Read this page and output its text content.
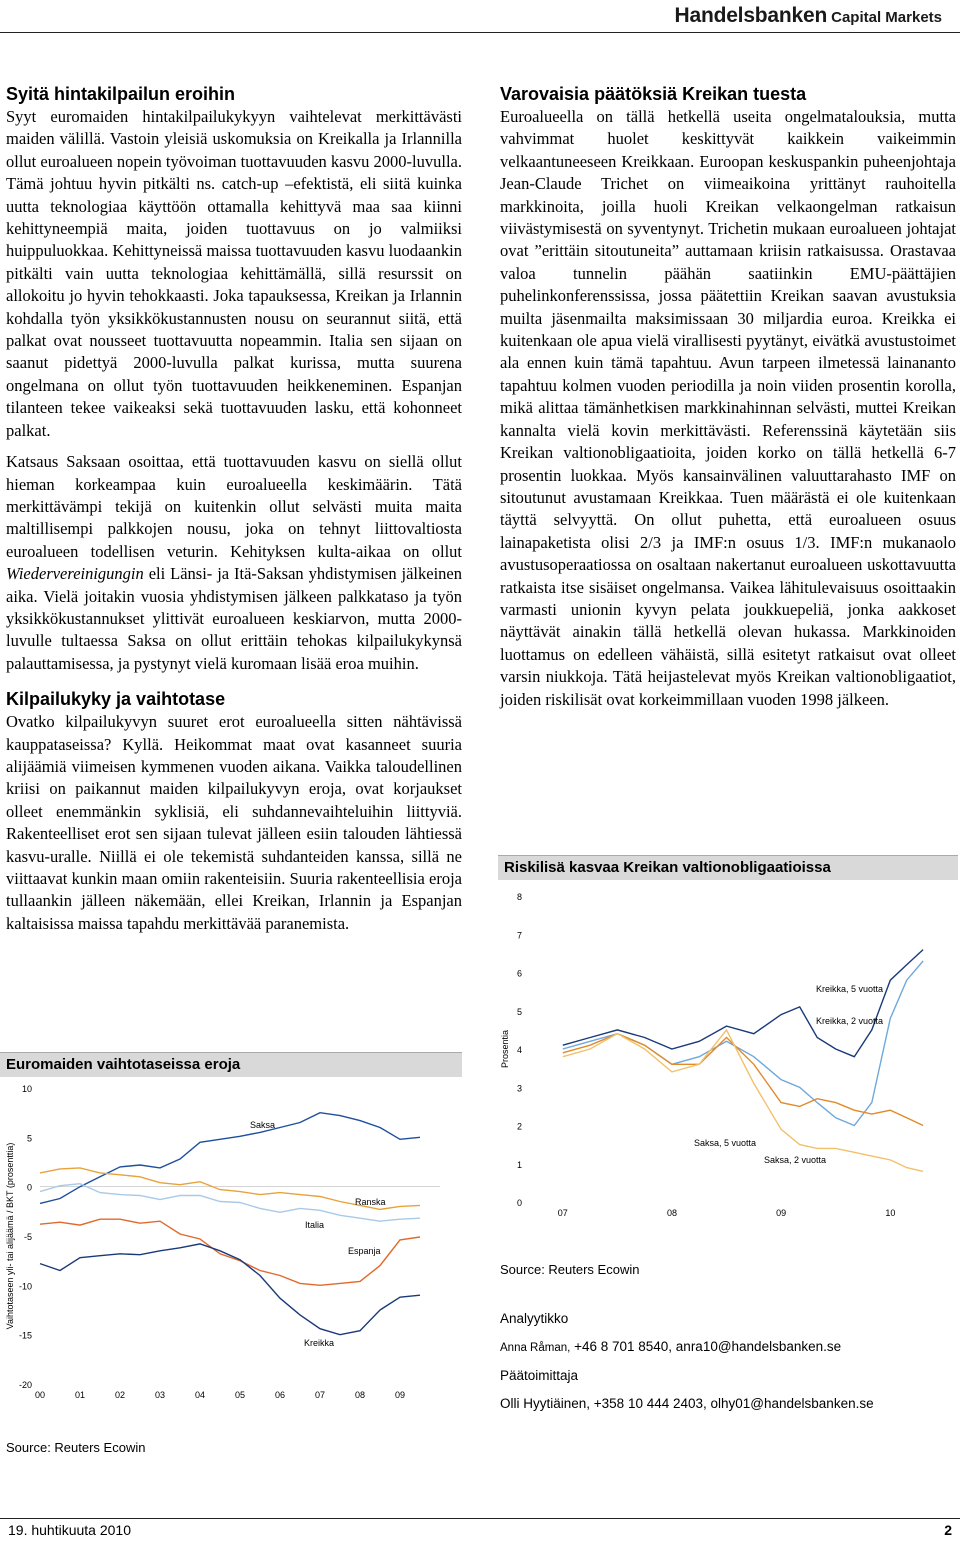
Handelsbanken Capital Markets
Syitä hintakilpailun eroihin

Syyt euromaiden hintakilpailukykyyn vaihtelevat merkittävästi maiden välillä. Vastoin yleisiä uskomuksia on Kreikalla ja Irlannilla ollut euroalueen nopein työvoiman tuottavuuden kasvu 2000-luvulla. Tämä johtuu hyvin pitkälti ns. catch-up –efektistä, eli siitä kuinka uutta teknologiaa käyttöön ottamalla kehittyvä maa saa kiinni kehittyneempiä maita, joiden tuottavuus on jo valmiiksi huippuluokkaa. Kehittyneissä maissa tuottavuuden kasvu luodaankin pitkälti vain uutta teknologiaa kehittämällä, sillä resurssit on allokoitu jo hyvin tehokkaasti. Joka tapauksessa, Kreikan ja Irlannin kohdalla työn yksikkökustannusten nousu on seurannut siitä, että palkat ovat nousseet tuottavuutta nopeammin. Italia sen sijaan on saanut pidettyä 2000-luvulla palkat kurissa, mutta suurena ongelmana on ollut työn tuottavuuden heikkeneminen. Espanjan tilanteen tekee vaikeaksi sekä tuottavuuden lasku, että kohonneet palkat.

Katsaus Saksaan osoittaa, että tuottavuuden kasvu on siellä ollut hieman korkeampaa kuin euroalueella keskimäärin. Tätä merkittävämpi tekijä on kuitenkin ollut selvästi muita maita maltillisempi palkkojen nousu, joka on tehnyt liittovaltiosta euroalueen todellisen veturin. Kehityksen kulta-aikaa on ollut Wiedervereinigungin eli Länsi- ja Itä-Saksan yhdistymisen jälkeinen aika. Vielä joitakin vuosia yhdistymisen jälkeen palkkataso ja työn yksikkökustannukset ylittivät euroalueen keskiarvon, mutta 2000-luvulle tultaessa Saksa on ollut erittäin tehokas kilpailukykynsä palauttamisessa, ja pystynyt vielä kuromaan lisää eroa muihin.

Kilpailukyky ja vaihtotase

Ovatko kilpailukyvyn suuret erot euroalueella sitten nähtävissä kauppataseissa? Kyllä. Heikommat maat ovat kasanneet suuria alijäämiä viimeisen kymmenen vuoden aikana. Vaikka taloudellinen kriisi on paikannut maiden kilpailukyvyn eroja, ovat korjaukset olleet enemmänkin syklisiä, eli suhdannevaihteluihin liittyviä. Rakenteelliset erot sen sijaan tulevat jälleen esiin talouden lähtiessä kasvu-uralle. Niillä ei ole tekemistä suhdanteiden kanssa, sillä ne viittaavat kunkin maan omiin rakenteisiin. Suuria rakenteellisia eroja tullaankin jälleen näkemään, ellei Kreikan, Irlannin ja Espanjan kaltaisissa maissa tapahdu merkittävää paranemista.

Varovaisia päätöksiä Kreikan tuesta

Euroalueella on tällä hetkellä useita ongelmatalouksia, mutta vahvimmat huolet keskittyvät kaikkein vaikeimmin velkaantuneeseen Kreikkaan. Euroopan keskuspankin puheenjohtaja Jean-Claude Trichet on viimeaikoina yrittänyt rauhoitella markkinoita, joilla huoli Kreikan velkaongelman ratkaisun viivästymisestä on syventynyt. Trichetin mukaan euroalueen johtajat ovat ”erittäin sitoutuneita” auttamaan kriisin ratkaisussa. Orastavaa valoa tunnelin päähän saatiinkin EMU-päättäjien puhelinkonferenssissa, jossa päätettiin Kreikan saavan avustuksia muilta jäsenmailta maksimissaan 30 miljardia euroa. Kreikka ei kuitenkaan ole apua vielä virallisesti pyytänyt, eivätkä avustustoimet ala ennen kuin tämä tapahtuu. Avun tarpeen ilmetessä lainananto tapahtuu kolmen vuoden periodilla ja noin viiden prosentin korolla, mikä alittaa tämänhetkisen markkinahinnan selvästi, muttei Kreikan kannalta vielä kovin merkittävästi. Referenssinä käytetään siis Kreikan valtionobligaatioita, joiden korko on tällä hetkellä 6-7 prosentin luokkaa. Myös kansainvälinen valuuttarahasto IMF on sitoutunut avustamaan Kreikkaa. Tuen määrästä ei ole kuitenkaan täyttä selvyyttä. On ollut puhetta, että euroalueen osuus lainapaketista olisi 2/3 ja IMF:n osuus 1/3. IMF:n mukanaolo avustusoperaatiossa on osaltaan nakertanut euroalueen uskottavuutta ratkaista itse sisäiset ongelmansa. Vaikea lähitulevaisuus osoittaakin varmasti unionin kyvyn pelata joukkuepeliä, jonka aakkoset näyttävät ainakin tällä hetkellä olevan hukassa. Markkinoiden luottamus on edelleen vähäistä, sillä esitetyt ratkaisut ovat olleet varsin niukkoja. Tätä heijastelevat myös Kreikan valtionobligaatiot, joiden riskilisät ovat korkeimmillaan vuoden 1998 jälkeen.

Euromaiden vaihtotaseissa eroja
10
5
0
-5
-10
-15
-20
00	01	02	03	04	05	06	07	08	09
Vaihtotaseen yli- tai alijäämä / BKT (prosenttia)
Saksa
Ranska
Italia
Espanja
Kreikka
Source: Reuters Ecowin
Riskilisä kasvaa Kreikan valtionobligaatioissa
8
7
6
5
4
3
2
1
0
07	08	09	10
Prosentia
Kreikka, 5 vuotta
Kreikka, 2 vuotta
Saksa, 5 vuotta
Saksa, 2 vuotta
Source: Reuters Ecowin
Analyytikko
Anna Råman, +46 8 701 8540, anra10@handelsbanken.se
Päätoimittaja
Olli Hyytiäinen, +358 10 444 2403, olhy01@handelsbanken.se
19. huhtikuuta 2010	2
